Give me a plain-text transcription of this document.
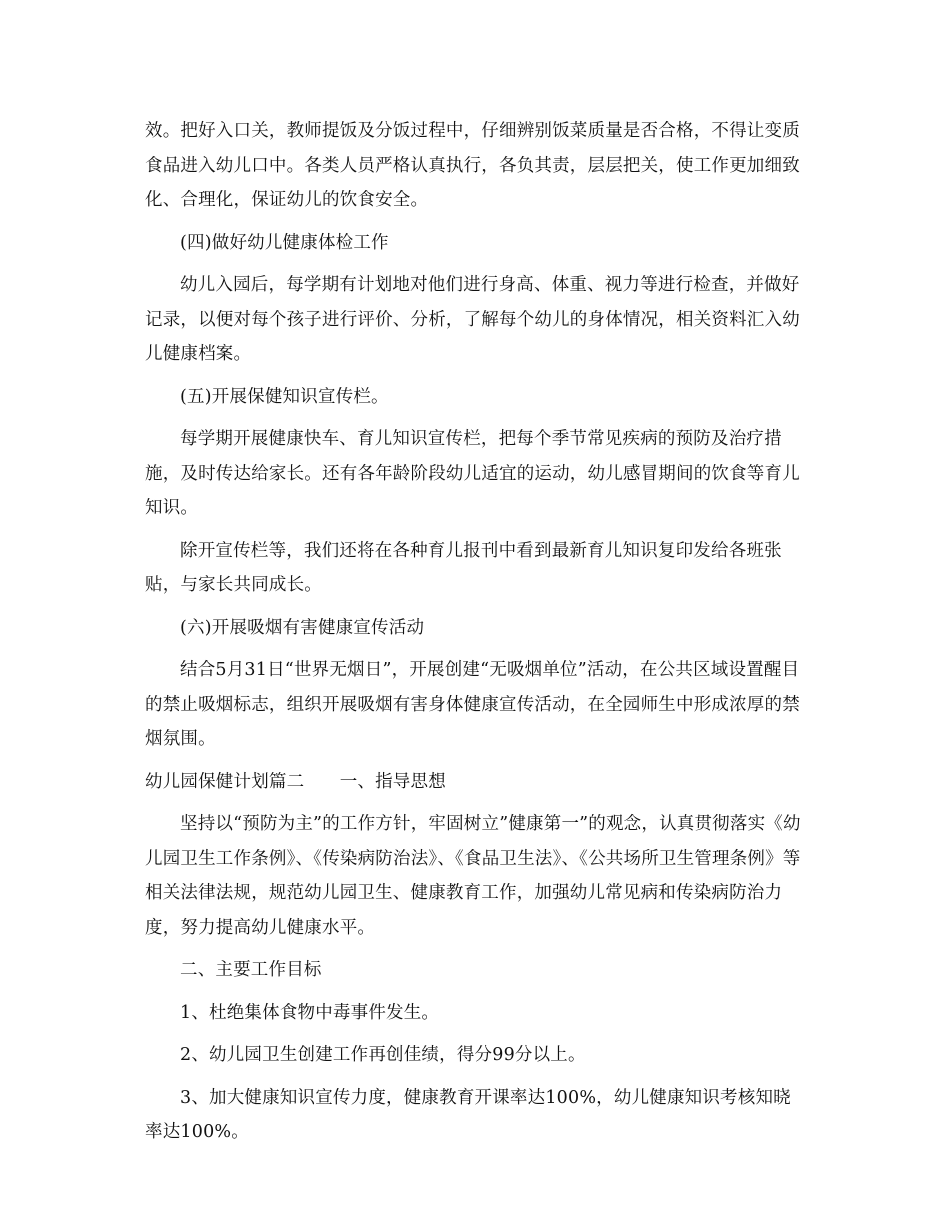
效。把好入口关，教师提饭及分饭过程中，仔细辨别饭菜质量是否合格，不得让变质食品进入幼儿口中。各类人员严格认真执行，各负其责，层层把关，使工作更加细致化、合理化，保证幼儿的饮食安全。

(四)做好幼儿健康体检工作

幼儿入园后，每学期有计划地对他们进行身高、体重、视力等进行检查，并做好记录，以便对每个孩子进行评价、分析，了解每个幼儿的身体情况，相关资料汇入幼儿健康档案。

(五)开展保健知识宣传栏。

每学期开展健康快车、育儿知识宣传栏，把每个季节常见疾病的预防及治疗措施，及时传达给家长。还有各年龄阶段幼儿适宜的运动，幼儿感冒期间的饮食等育儿知识。

除开宣传栏等，我们还将在各种育儿报刊中看到最新育儿知识复印发给各班张贴，与家长共同成长。

(六)开展吸烟有害健康宣传活动

结合5月31日“世界无烟日”，开展创建“无吸烟单位”活动，在公共区域设置醒目的禁止吸烟标志，组织开展吸烟有害身体健康宣传活动，在全园师生中形成浓厚的禁烟氛围。

幼儿园保健计划篇二　　一、指导思想

坚持以“预防为主”的工作方针，牢固树立”健康第一”的观念，认真贯彻落实《幼儿园卫生工作条例》、《传染病防治法》、《食品卫生法》、《公共场所卫生管理条例》等相关法律法规，规范幼儿园卫生、健康教育工作，加强幼儿常见病和传染病防治力度，努力提高幼儿健康水平。

二、主要工作目标

1、杜绝集体食物中毒事件发生。

2、幼儿园卫生创建工作再创佳绩，得分99分以上。

3、加大健康知识宣传力度，健康教育开课率达100%，幼儿健康知识考核知晓率达100%。
